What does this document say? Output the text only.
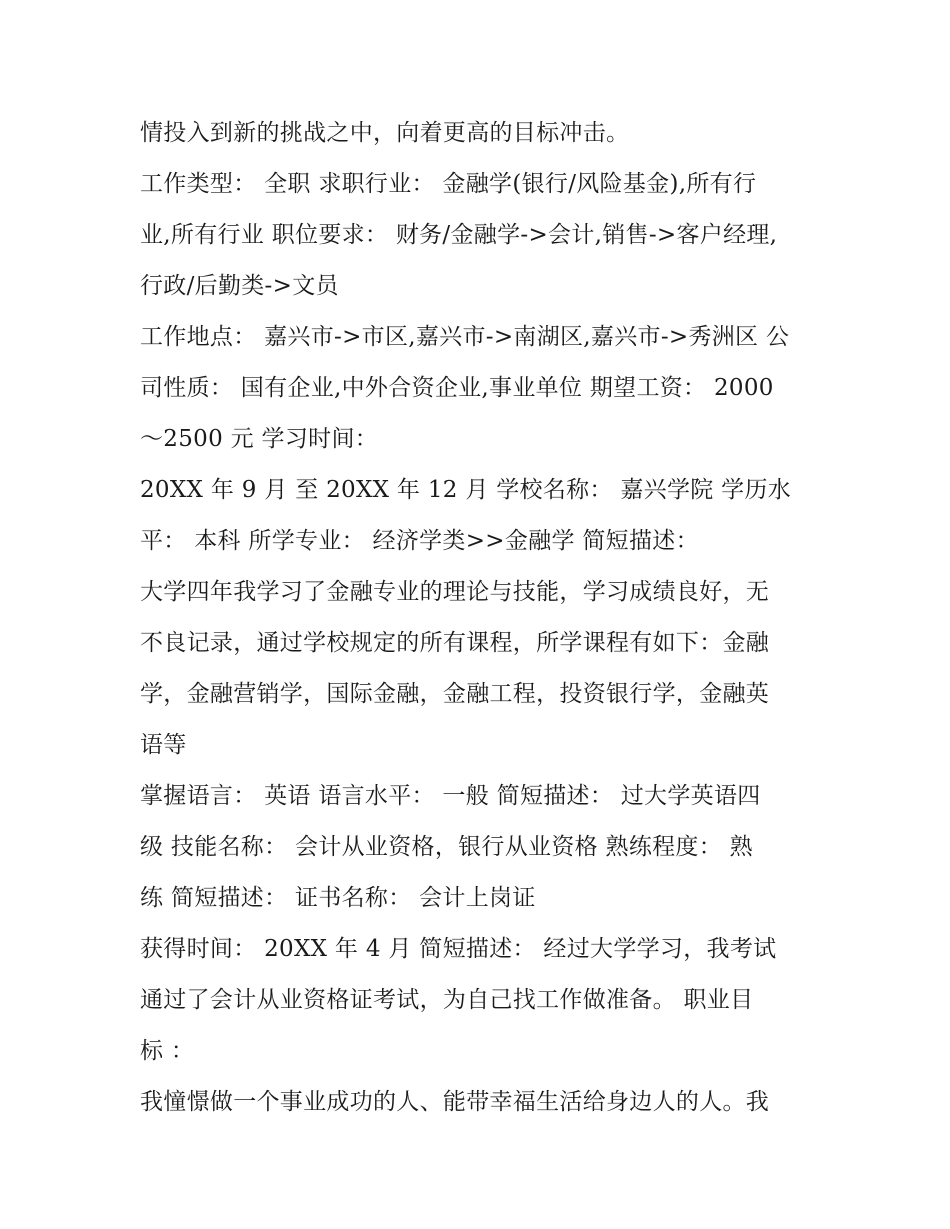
情投入到新的挑战之中，向着更高的目标冲击。
工作类型： 全职 求职行业： 金融学(银行/风险基金),所有行
业,所有行业 职位要求： 财务/金融学->会计,销售->客户经理,
行政/后勤类->文员
工作地点： 嘉兴市->市区,嘉兴市->南湖区,嘉兴市->秀洲区 公
司性质： 国有企业,中外合资企业,事业单位 期望工资： 2000
～2500 元 学习时间：
20XX 年 9 月 至 20XX 年 12 月 学校名称： 嘉兴学院 学历水
平： 本科 所学专业： 经济学类>>金融学 简短描述：
大学四年我学习了金融专业的理论与技能，学习成绩良好，无
不良记录，通过学校规定的所有课程，所学课程有如下：金融
学，金融营销学，国际金融，金融工程，投资银行学，金融英
语等
掌握语言： 英语 语言水平： 一般 简短描述： 过大学英语四
级 技能名称： 会计从业资格，银行从业资格 熟练程度： 熟
练 简短描述： 证书名称： 会计上岗证
获得时间： 20XX 年 4 月 简短描述： 经过大学学习，我考试
通过了会计从业资格证考试，为自己找工作做准备。 职业目
标 ：
我憧憬做一个事业成功的人、能带幸福生活给身边人的人。我
